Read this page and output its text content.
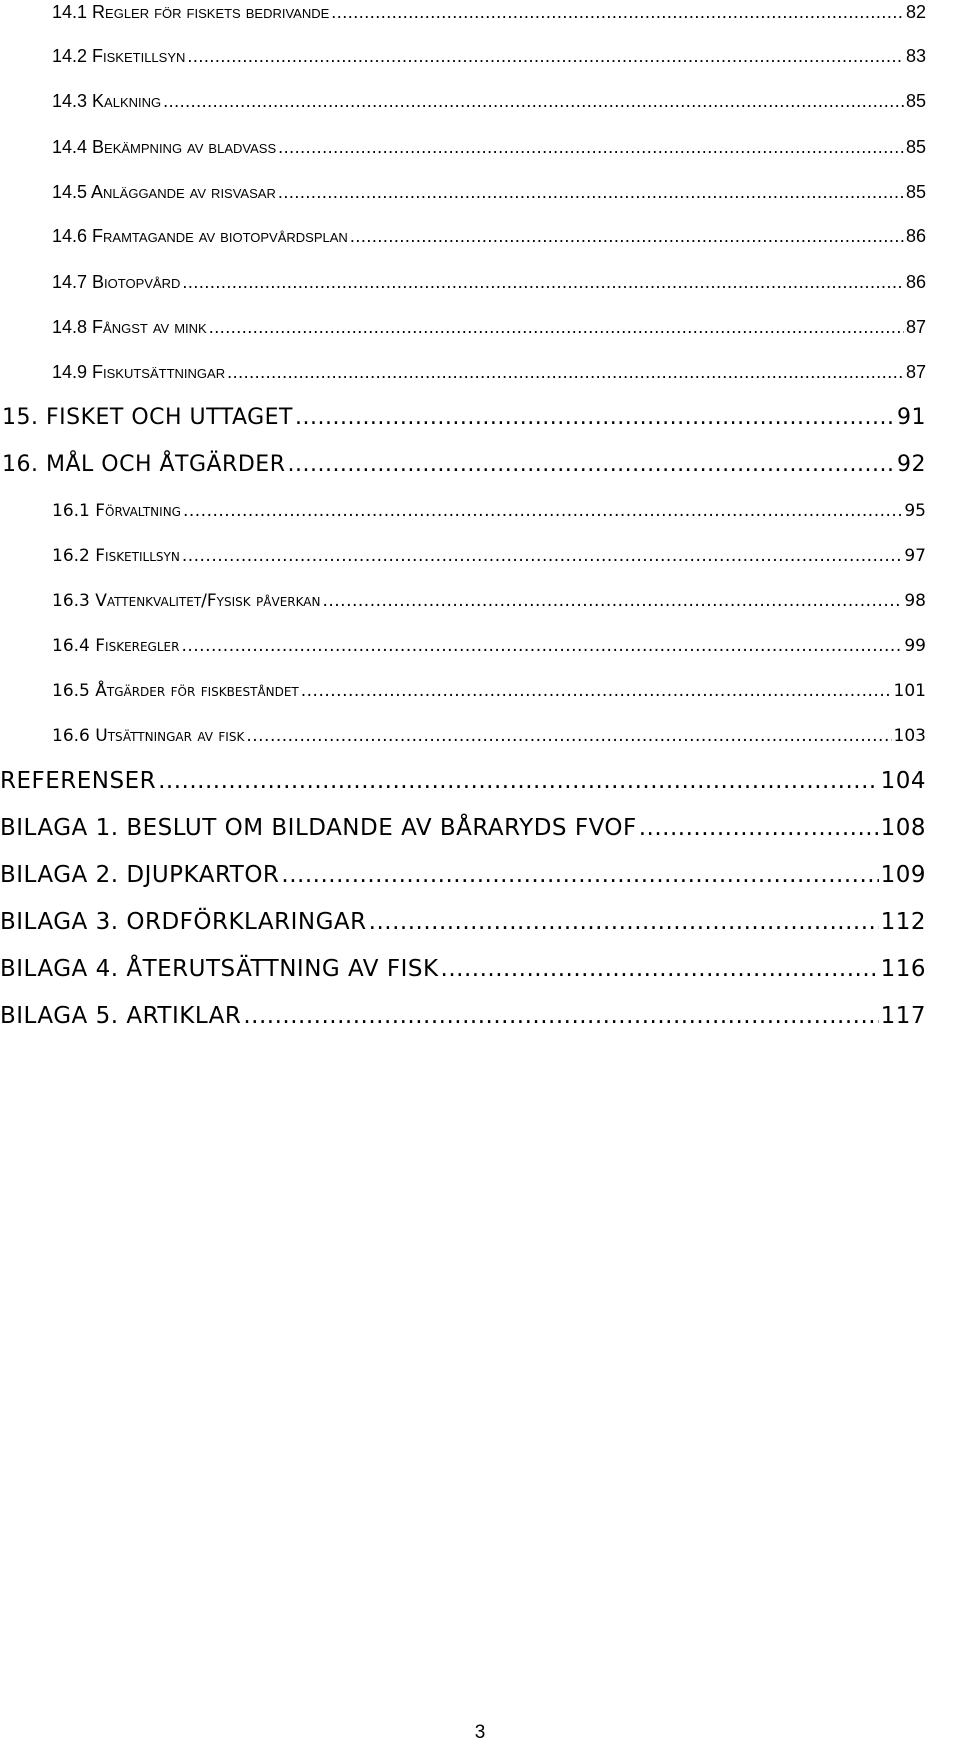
14.1 Regler för fiskets bedrivande .....	82
14.2 Fisketillsyn .....	83
14.3 Kalkning .....	85
14.4 Bekämpning av bladvass .....	85
14.5 Anläggande av risvasar .....	85
14.6 Framtagande av biotopvårdsplan .....	86
14.7 Biotopvård .....	86
14.8 Fångst av mink .....	87
14.9 Fiskutsättningar .....	87
15. FISKET OCH UTTAGET .....	91
16. MÅL OCH ÅTGÄRDER .....	92
16.1 Förvaltning .....	95
16.2 Fisketillsyn .....	97
16.3 Vattenkvalitet/Fysisk påverkan .....	98
16.4 Fiskeregler .....	99
16.5 Åtgärder för fiskbeståndet .....	101
16.6 Utsättningar av fisk .....	103
REFERENSER .....	104
BILAGA 1. BESLUT OM BILDANDE AV BÅRARYDS FVOF .....	108
BILAGA 2. DJUPKARTOR .....	109
BILAGA 3. ORDFÖRKLARINGAR .....	112
BILAGA 4. ÅTERUTSÄTTNING AV FISK .....	116
BILAGA 5. ARTIKLAR .....	117
3
